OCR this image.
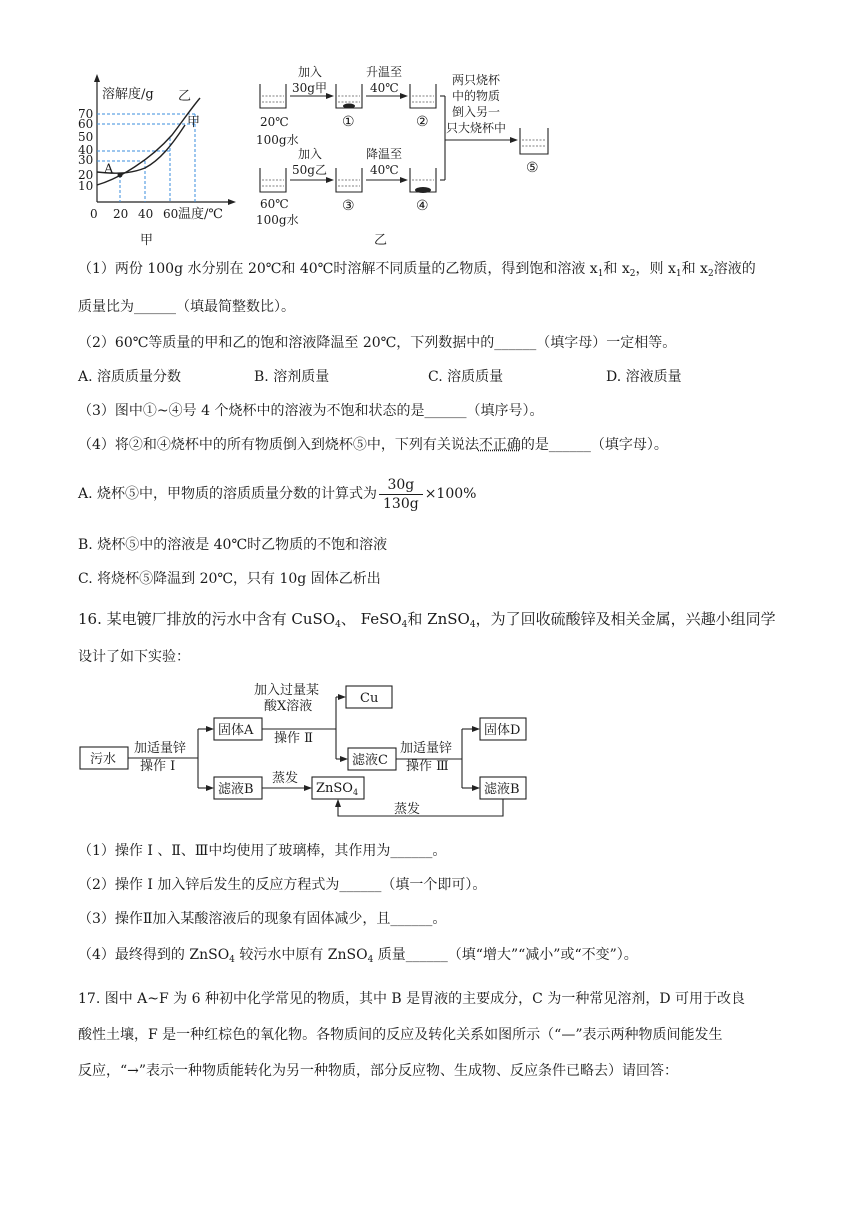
溶解度/g
70
60
50
40
30
20
10
0 20 40 60 温度/℃
乙
甲
A
甲
加入
30g甲
升温至
40℃
20℃
100g水
①	②
两只烧杯
中的物质
倒入另一
只大烧杯中
⑤
加入
50g乙
降温至
40℃
60℃
100g水
③	④
乙
（1）两份 100g 水分别在 20℃和 40℃时溶解不同质量的乙物质，得到饱和溶液 $x_1$和 $x_2$，则 $x_1$和 $x_2$溶液的
质量比为______（填最简整数比）。
（2）60℃等质量的甲和乙的饱和溶液降温至 20℃，下列数据中的______（填字母）一定相等。
A. 溶质质量分数	B. 溶剂质量	C. 溶质质量	D. 溶液质量
（3）图中①~④号 4 个烧杯中的溶液为不饱和状态的是______（填序号）。
（4）将②和④烧杯中的所有物质倒入到烧杯⑤中，下列有关说法不正确的是______（填字母）。
A. 烧杯⑤中，甲物质的溶质质量分数的计算式为 $\frac{30g}{130g} \times 100\%$
B. 烧杯⑤中的溶液是 40℃时乙物质的不饱和溶液
C. 将烧杯⑤降温到 20℃，只有 10g 固体乙析出
16. 某电镀厂排放的污水中含有 CuSO$_4$、 FeSO$_4$和 ZnSO$_4$，为了回收硫酸锌及相关金属，兴趣小组同学
设计了如下实验：
污水
加适量锌
操作 I
固体A
滤液B
加入过量某
酸X溶液
操作 Ⅱ
Cu
滤液C
蒸发
ZnSO$_4$
加适量锌
操作 Ⅲ
固体D
滤液B
蒸发
（1）操作 I 、Ⅱ、Ⅲ中均使用了玻璃棒，其作用为______。
（2）操作 I 加入锌后发生的反应方程式为______（填一个即可）。
（3）操作Ⅱ加入某酸溶液后的现象有固体减少，且______。
（4）最终得到的 ZnSO$_4$ 较污水中原有 ZnSO$_4$ 质量______（填“增大”“减小”或“不变”）。
17. 图中 A~F 为 6 种初中化学常见的物质，其中 B 是胃液的主要成分，C 为一种常见溶剂，D 可用于改良
酸性土壤，F 是一种红棕色的氧化物。各物质间的反应及转化关系如图所示（“—”表示两种物质间能发生
反应，“→”表示一种物质能转化为另一种物质，部分反应物、生成物、反应条件已略去）请回答：
